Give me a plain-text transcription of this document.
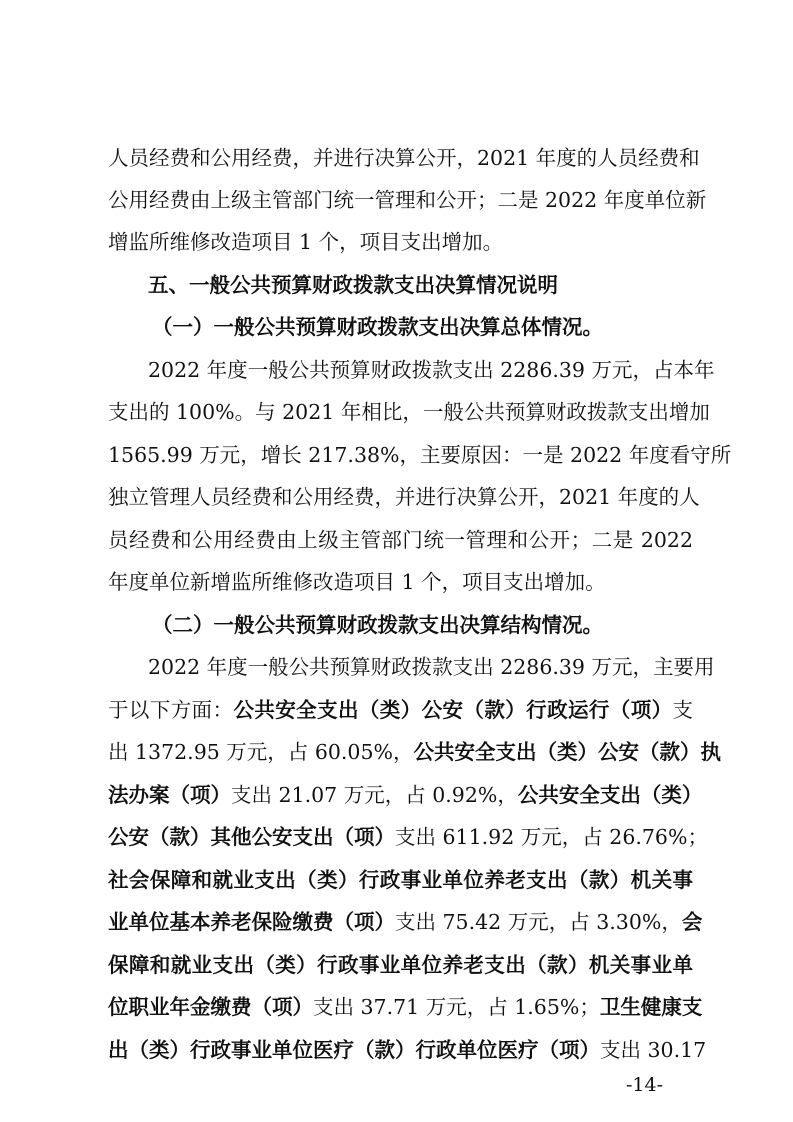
人员经费和公用经费，并进行决算公开，2021 年度的人员经费和
公用经费由上级主管部门统一管理和公开；二是 2022 年度单位新
增监所维修改造项目 1 个，项目支出增加。
五、一般公共预算财政拨款支出决算情况说明
（一）一般公共预算财政拨款支出决算总体情况。
2022 年度一般公共预算财政拨款支出 2286.39 万元，占本年
支出的 100%。与 2021 年相比，一般公共预算财政拨款支出增加
1565.99 万元，增长 217.38%，主要原因：一是 2022 年度看守所
独立管理人员经费和公用经费，并进行决算公开，2021 年度的人
员经费和公用经费由上级主管部门统一管理和公开；二是 2022
年度单位新增监所维修改造项目 1 个，项目支出增加。
（二）一般公共预算财政拨款支出决算结构情况。
2022 年度一般公共预算财政拨款支出 2286.39 万元，主要用
于以下方面：公共安全支出（类）公安（款）行政运行（项）支
出 1372.95 万元，占 60.05%，公共安全支出（类）公安（款）执
法办案（项）支出 21.07 万元，占 0.92%，公共安全支出（类）
公安（款）其他公安支出（项）支出 611.92 万元，占 26.76%；
社会保障和就业支出（类）行政事业单位养老支出（款）机关事
业单位基本养老保险缴费（项）支出 75.42 万元，占 3.30%，会
保障和就业支出（类）行政事业单位养老支出（款）机关事业单
位职业年金缴费（项）支出 37.71 万元，占 1.65%；卫生健康支
出（类）行政事业单位医疗（款）行政单位医疗（项）支出 30.17
-14-
